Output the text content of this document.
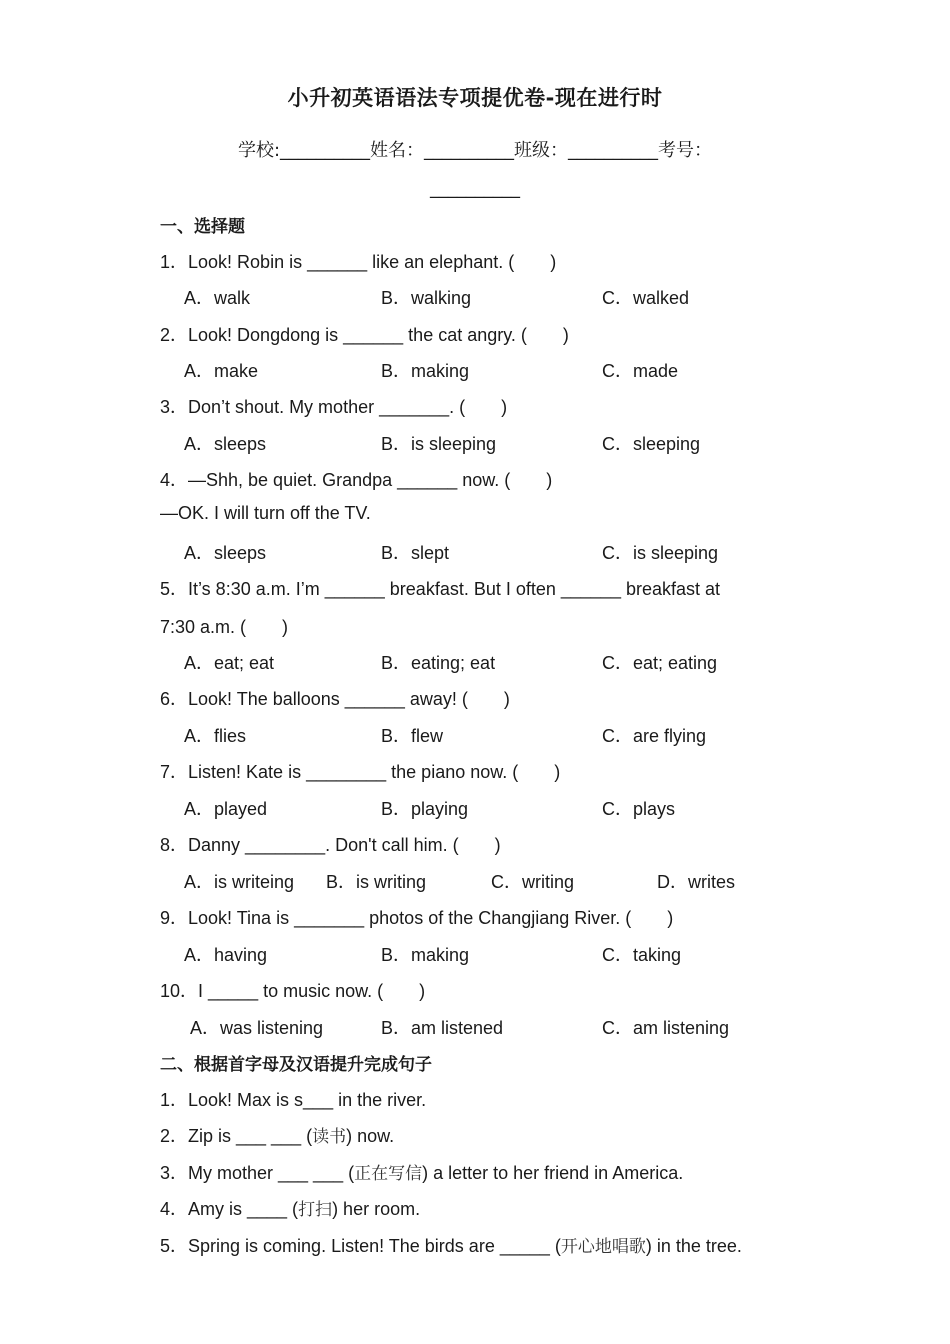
小升初英语语法专项提优卷-现在进行时
学校:__________姓名：__________班级：__________考号：
__________
一、选择题
1．Look! Robin is ______ like an elephant. (　　)
A．walk	B．walking	C．walked
2．Look! Dongdong is ______ the cat angry. (　　)
A．make	B．making	C．made
3．Don’t shout. My mother _______. (　　)
A．sleeps	B．is sleeping	C．sleeping
4．—Shh, be quiet. Grandpa ______ now. (　　)
—OK. I will turn off the TV.
A．sleeps	B．slept	C．is sleeping
5．It’s 8:30 a.m. I’m ______ breakfast. But I often ______ breakfast at
7:30 a.m. (　　)
A．eat; eat	B．eating; eat	C．eat; eating
6．Look! The balloons ______ away! (　　)
A．flies	B．flew	C．are flying
7．Listen! Kate is ________ the piano now. (　　)
A．played	B．playing	C．plays
8．Danny ________. Don't call him. (　　)
A．is writeing B．is writing	C．writing	D．writes
9．Look! Tina is _______ photos of the Changjiang River. (　　)
A．having	B．making	C．taking
10．I _____ to music now. (　　)
A．was listening	B．am listened	C．am listening
二、根据首字母及汉语提升完成句子
1．Look! Max is s___ in the river.
2．Zip is ___ ___ (读书) now.
3．My mother ___ ___ (正在写信) a letter to her friend in America.
4．Amy is ____ (打扫) her room.
5．Spring is coming. Listen! The birds are _____ (开心地唱歌) in the tree.
